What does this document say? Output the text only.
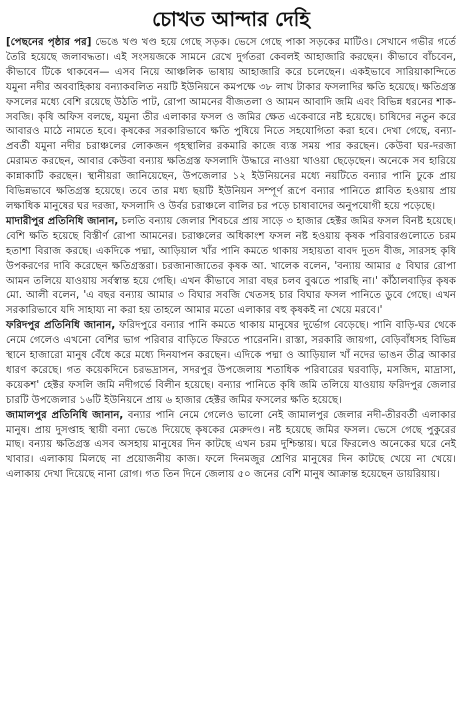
চোখত আন্দার দেহি

[পেছনের পৃষ্ঠার পর] ভেঙে খণ্ড খণ্ড হয়ে গেছে সড়ক। ভেসে গেছে পাকা সড়কের মাটিও। সেখানে গভীর গর্তে তৈরি হয়েছে জলাবদ্ধতা। এই সংসয়জকে সামনে রেখে দুর্গতরা কেবলই আহাজারি করছেন। কীভাবে বাঁচবেন, কীভাবে টিকে থাকবেন— এসব নিয়ে আঞ্চলিক ভাষায় আহাজারি করে চলেছেন। একইভাবে সারিয়াকান্দিতে যমুনা নদীর অববাহিকায় বন্যাকবলিত নয়টি ইউনিয়নে কমপক্ষে ৩৮ লাখ টাকার ফসলাদির ক্ষতি হয়েছে। ক্ষতিগ্রস্ত ফসলের মধ্যে বেশি রয়েছে উঠতি পাট, রোপা আমনের বীজতলা ও আমন আবাদি জমি এবং বিভিন্ন ধরনের শাক-সবজি। কৃষি অফিস বলছে, যমুনা তীর এলাকার ফসল ও জমির ক্ষেত একেবারে নষ্ট হয়েছে। চাষিদের নতুন করে আবারও মাঠে নামতে হবে। কৃষকের সরকারিভাবে ক্ষতি পুষিয়ে নিতে সহযোগিতা করা হবে। দেখা গেছে, বন্যা-প্রবর্তী যমুনা নদীর চরাঞ্চলের লোকজন গৃহস্থালির রকমারি কাজে ব্যস্ত সময় পার করছেন। কেউবা ঘর-দরজা মেরামত করছেন, আবার কেউবা বন্যায় ক্ষতিগ্রস্ত ফসলাদি উদ্ধারে নাওয়া খাওয়া ছেড়েছেন। অনেকে সব হারিয়ে কান্নাকাটি করছেন। স্থানীয়রা জানিয়েছেন, উপজেলার ১২ ইউনিয়নের মধ্যে নয়টিতে বন্যার পানি ঢুকে প্রায় বিভিন্নভাবে ক্ষতিগ্রস্ত হয়েছে। তবে তার মধ্য ছয়টি ইউনিয়ন সম্পূর্ণ রূপে বন্যার পানিতে প্লাবিত হওয়ায় প্রায় লক্ষাধিক মানুষের ঘর দরজা, ফসলাদি ও উর্বর চরাঞ্চলে বালির চর পড়ে চাষাবাদের অনুপযোগী হয়ে পড়েছে।

মাদারীপুর প্রতিনিধি জানান, চলতি বন্যায় জেলার শিবচরে প্রায় সাড়ে ৩ হাজার হেক্টর জমির ফসল বিনষ্ট হয়েছে। বেশি ক্ষতি হয়েছে বিস্তীর্ণ রোপা আমনের। চরাঞ্চলের অধিকাংশ ফসল নষ্ট হওয়ায় কৃষক পরিবারগুলোতে চরম হতাশা বিরাজ করছে। একদিকে পদ্মা, আড়িয়াল খাঁর পানি কমতে থাকায় সহায়তা বাবদ দুতদ বীজ, সারসহ কৃষি উপকরণের দাবি করেছেন ক্ষতিগ্রস্তরা। চরজানাজাতের কৃষক আ. খালেক বলেন, 'বন্যায় আমার ৫ বিঘার রোপা আমন তলিয়ে যাওয়ায় সর্বস্বান্ত হয়ে গেছি। এখন কীভাবে সারা বছর চলব বুঝতে পারছি না।' কাঁঠালবাড়ির কৃষক মো. আলী বলেন, 'এ বছর বন্যায় আমার ৩ বিঘার সবজি খেতসহ চার বিঘার ফসল পানিতে ডুবে গেছে। এখন সরকারিভাবে যদি সাহায্য না করা হয় তাহলে আমার মতো এলাকার বহু কৃষকই না খেয়ে মরবে।'

ফরিদপুর প্রতিনিধি জানান, ফরিদপুরে বন্যার পানি কমতে থাকায় মানুষের দুর্ভোগ বেড়েছে। পানি বাড়ি-ঘর থেকে নেমে গেলেও এখনো বেশির ভাগ পরিবার বাড়িতে ফিরতে পারেননি। রাস্তা, সরকারি জায়গা, বেড়িবাঁধসহ বিভিন্ন স্থানে হাজারো মানুষ বেঁধে করে মধ্যে দিনযাপন করছেন। এদিকে পদ্মা ও আড়িয়াল খাঁ নদের ভাঙন তীব্র আকার ধারণ করেছে। গত কয়েকদিনে চরভদ্রাসন, সদরপুর উপজেলায় শতাধিক পরিবারের ঘরবাড়ি, মসজিদ, মাদ্রাসা, কয়েকশ' হেক্টর ফসলি জমি নদীগর্ভে বিলীন হয়েছে। বন্যার পানিতে কৃষি জমি তলিয়ে যাওয়ায় ফরিদপুর জেলার চারটি উপজেলার ১৬টি ইউনিয়নে প্রায় ৬ হাজার হেক্টর জমির ফসলের ক্ষতি হয়েছে।

জামালপুর প্রতিনিধি জানান, বন্যার পানি নেমে গেলেও ভালো নেই জামালপুর জেলার নদী-তীরবর্তী এলাকার মানুষ। প্রায় দুসপ্তাহ স্থায়ী বন্যা ভেঙে দিয়েছে কৃষকের মেরুদণ্ড। নষ্ট হয়েছে জমির ফসল। ভেসে গেছে পুকুরের মাছ। বন্যায় ক্ষতিগ্রস্ত এসব অসহায় মানুষের দিন কাটছে এখন চরম দুশ্চিন্তায়। ঘরে ফিরলেও অনেকের ঘরে নেই খাবার। এলাকায় মিলছে না প্রয়োজনীয় কাজ। ফলে দিনমজুর শ্রেণির মানুষের দিন কাটছে খেয়ে না খেয়ে। এলাকায় দেখা দিয়েছে নানা রোগ। গত তিন দিনে জেলায় ৫০ জনের বেশি মানুষ আক্রান্ত হয়েছেন ডায়রিয়ায়।
